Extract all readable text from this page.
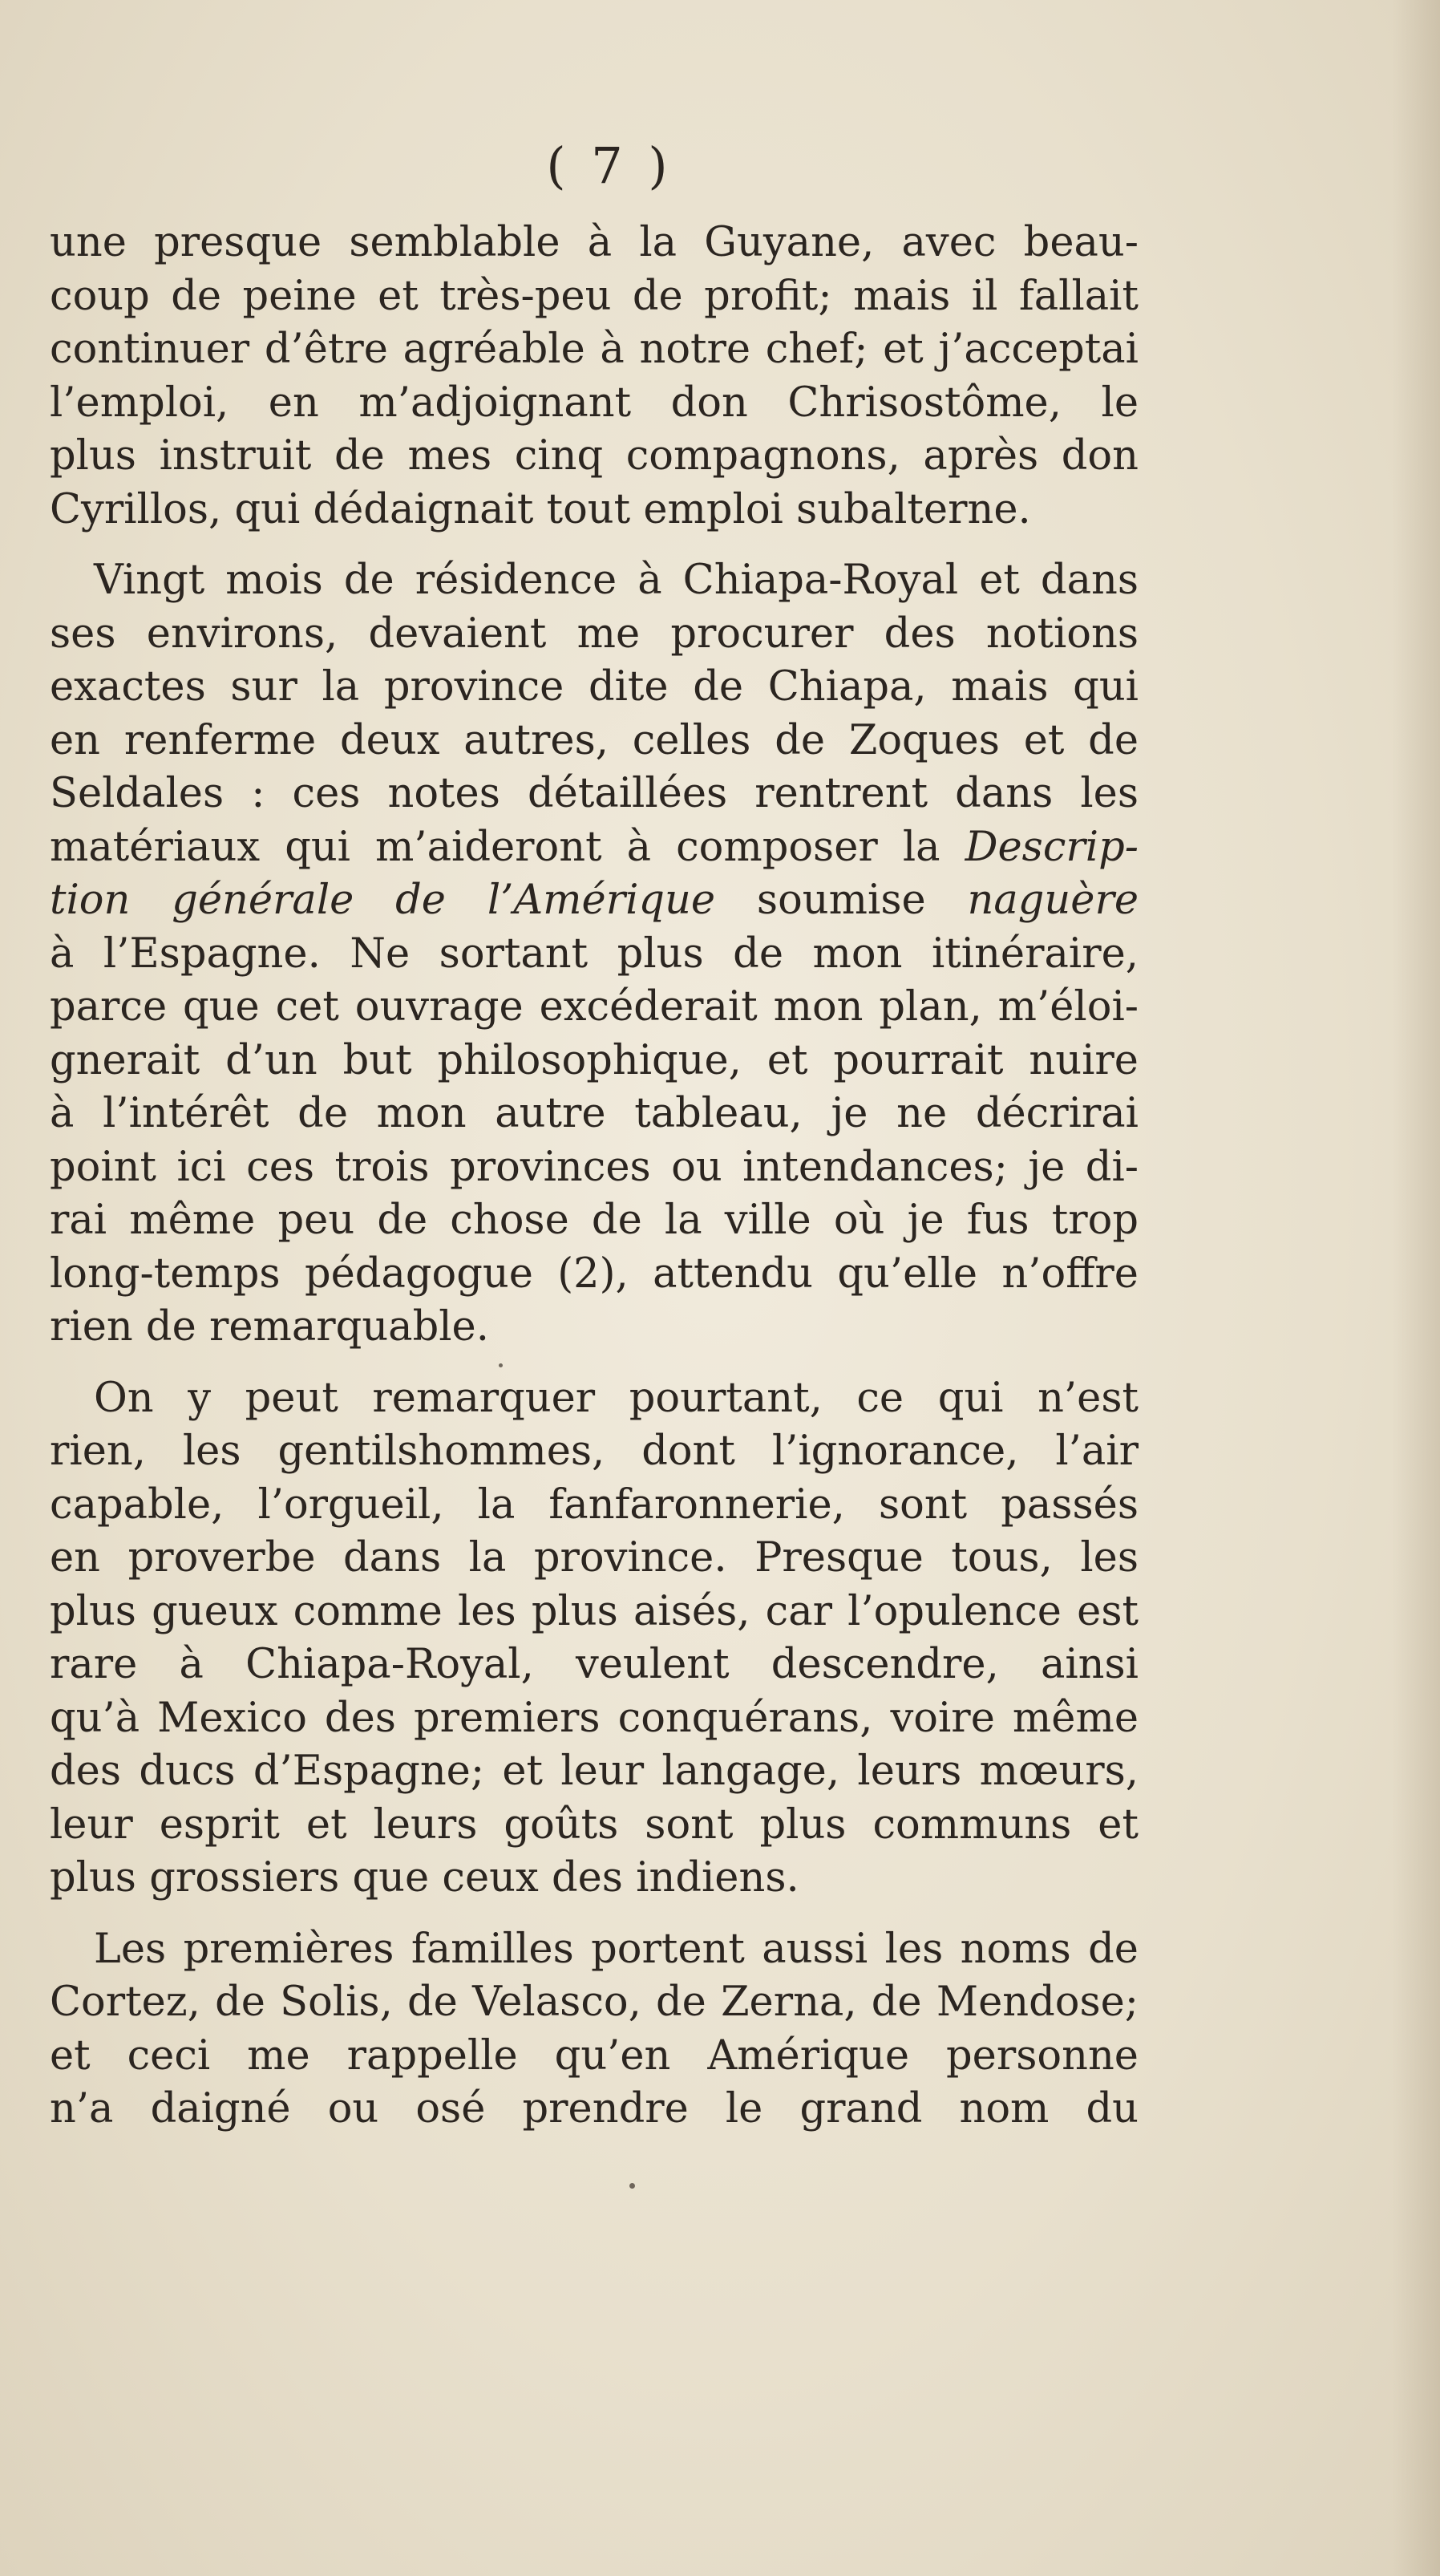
( 7 )

une presque semblable à la Guyane, avec beau-
coup de peine et très-peu de profit; mais il fallait
continuer d’être agréable à notre chef; et j’acceptai
l’emploi, en m’adjoignant don Chrisostôme, le
plus instruit de mes cinq compagnons, après don
Cyrillos, qui dédaignait tout emploi subalterne.

Vingt mois de résidence à Chiapa-Royal et dans
ses environs, devaient me procurer des notions
exactes sur la province dite de Chiapa, mais qui
en renferme deux autres, celles de Zoques et de
Seldales : ces notes détaillées rentrent dans les
matériaux qui m’aideront à composer la Descrip-
tion générale de l’Amérique soumise naguère
à l’Espagne. Ne sortant plus de mon itinéraire,
parce que cet ouvrage excéderait mon plan, m’éloi-
gnerait d’un but philosophique, et pourrait nuire
à l’intérêt de mon autre tableau, je ne décrirai
point ici ces trois provinces ou intendances; je di-
rai même peu de chose de la ville où je fus trop
long-temps pédagogue (2), attendu qu’elle n’offre
rien de remarquable.

On y peut remarquer pourtant, ce qui n’est
rien, les gentilshommes, dont l’ignorance, l’air
capable, l’orgueil, la fanfaronnerie, sont passés
en proverbe dans la province. Presque tous, les
plus gueux comme les plus aisés, car l’opulence est
rare à Chiapa-Royal, veulent descendre, ainsi
qu’à Mexico des premiers conquérans, voire même
des ducs d’Espagne; et leur langage, leurs mœurs,
leur esprit et leurs goûts sont plus communs et
plus grossiers que ceux des indiens.

Les premières familles portent aussi les noms de
Cortez, de Solis, de Velasco, de Zerna, de Mendose;
et ceci me rappelle qu’en Amérique personne
n’a daigné ou osé prendre le grand nom du
